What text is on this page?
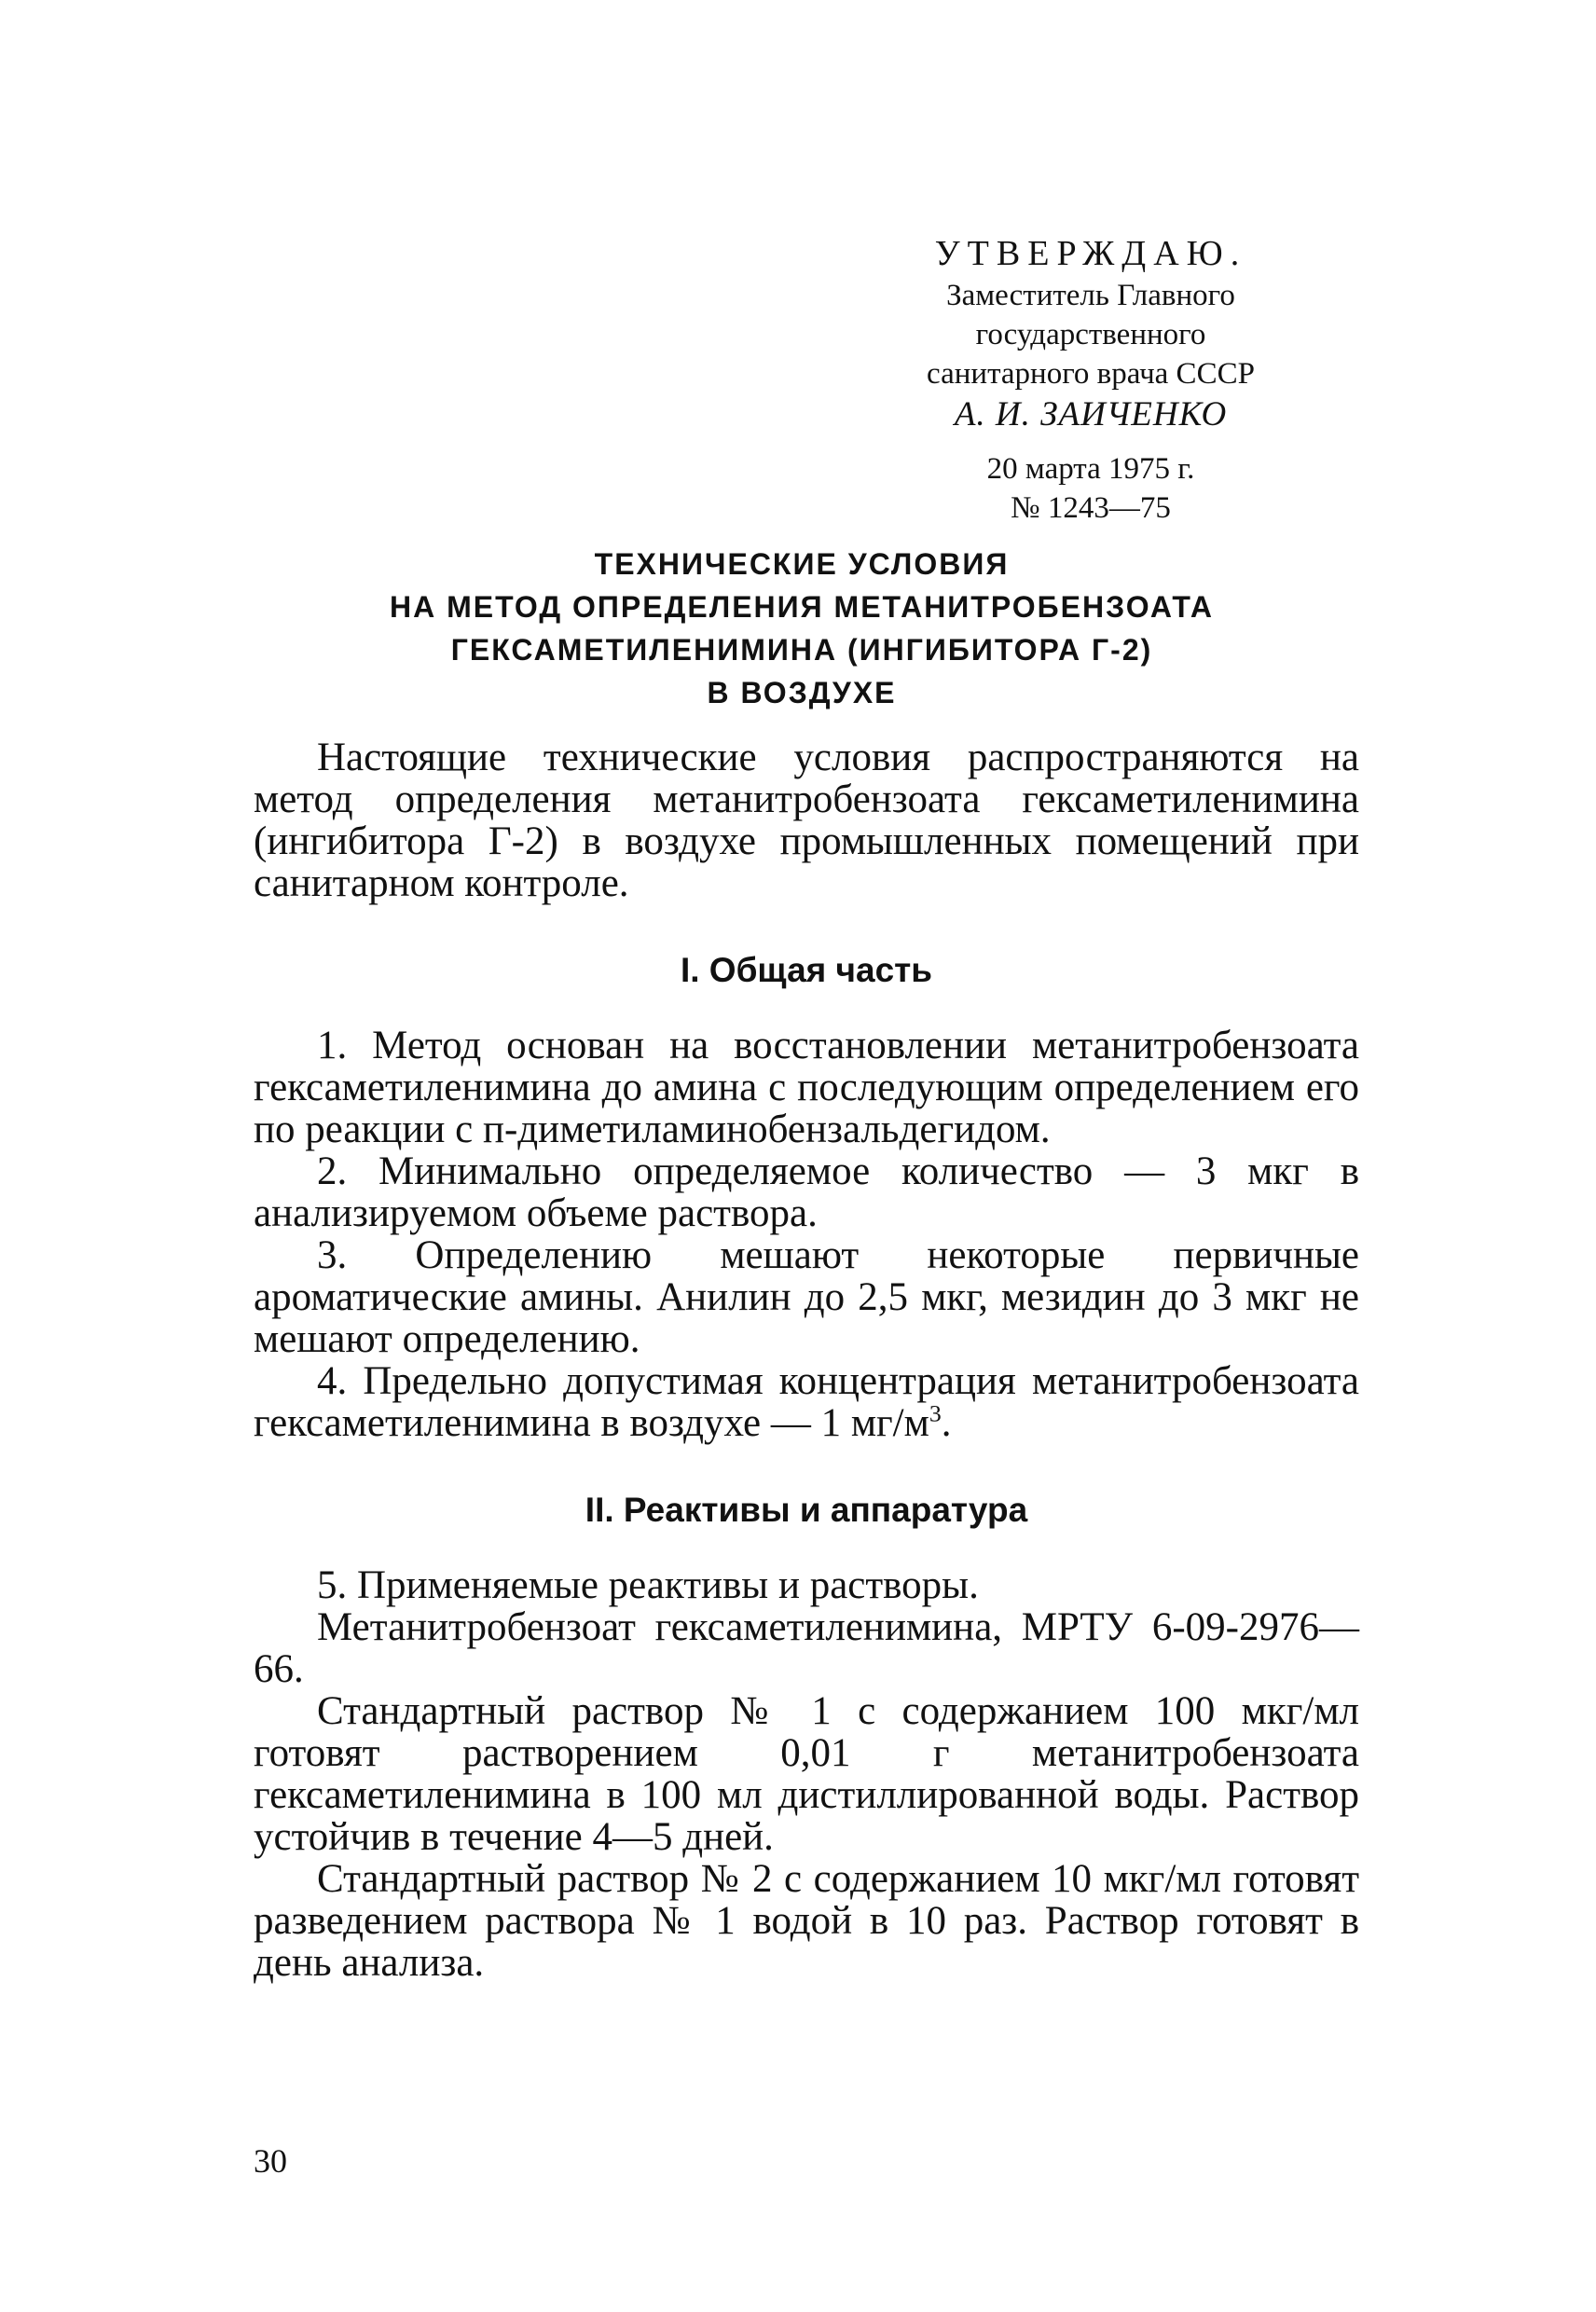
УТВЕРЖДАЮ.
Заместитель Главного
государственного
санитарного врача СССР
А. И. ЗАИЧЕНКО
20 марта 1975 г.
№ 1243—75
ТЕХНИЧЕСКИЕ УСЛОВИЯ
НА МЕТОД ОПРЕДЕЛЕНИЯ МЕТАНИТРОБЕНЗОАТА
ГЕКСАМЕТИЛЕНИМИНА (ИНГИБИТОРА Г-2)
В ВОЗДУХЕ

Настоящие технические условия распространяются на метод определения метанитробензоата гексаметиленимина (ингибитора Г-2) в воздухе промышленных помещений при санитарном контроле.

I. Общая часть

1. Метод основан на восстановлении метанитробензоата гексаметиленимина до амина с последующим определением его по реакции с п-диметиламинобензальдегидом.

2. Минимально определяемое количество — 3 мкг в анализируемом объеме раствора.

3. Определению мешают некоторые первичные ароматические амины. Анилин до 2,5 мкг, мезидин до 3 мкг не мешают определению.

4. Предельно допустимая концентрация метанитробензоата гексаметиленимина в воздухе — 1 $мг/м^3$.

II. Реактивы и аппаратура

5. Применяемые реактивы и растворы.

Метанитробензоат гексаметиленимина, МРТУ 6-09-2976—66.

Стандартный раствор № 1 с содержанием 100 мкг/мл готовят растворением 0,01 г метанитробензоата гексаметиленимина в 100 мл дистиллированной воды. Раствор устойчив в течение 4—5 дней.

Стандартный раствор № 2 с содержанием 10 мкг/мл готовят разведением раствора № 1 водой в 10 раз. Раствор готовят в день анализа.

30
